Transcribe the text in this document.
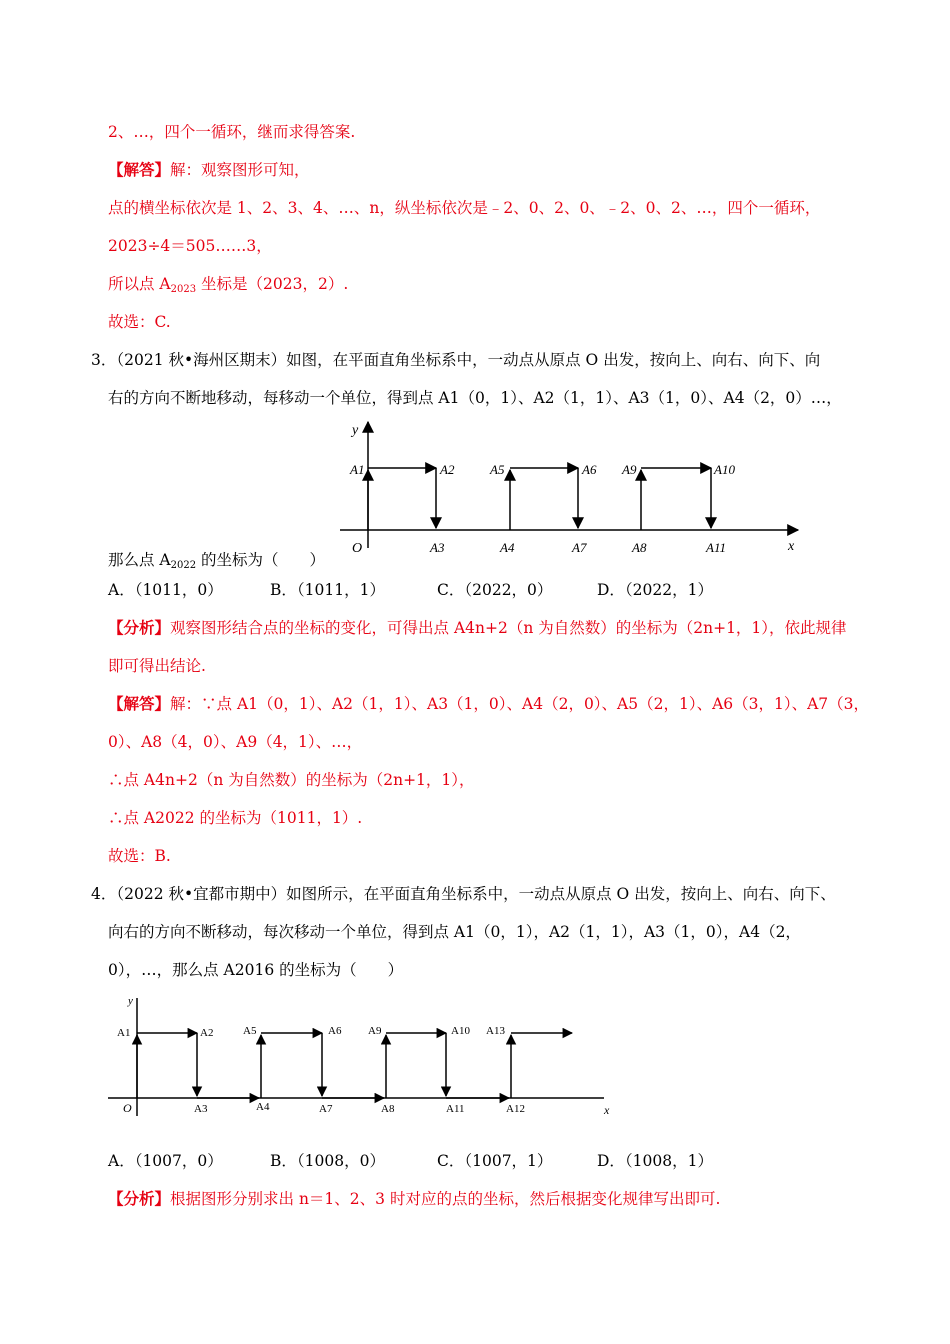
2、…，四个一循环，继而求得答案.
【解答】解：观察图形可知，
点的横坐标依次是 1、2、3、4、…、n，纵坐标依次是﹣2、0、2、0、﹣2、0、2、…，四个一循环，
2023÷4＝505……3，
所以点 $A_{2023}$ 坐标是（2023，2）.
故选：C.
3．（2021 秋•海州区期末）如图，在平面直角坐标系中，一动点从原点 O 出发，按向上、向右、向下、向
右的方向不断地移动，每移动一个单位，得到点 A1（0，1）、A2（1，1）、A3（1，0）、A4（2，0）…，
y
x
O
A1	A2
A3	A4
A5	A6
A7	A8
A9	A10
A11
那么点 $A_{2022}$ 的坐标为（　　）
A．（1011，0）	B．（1011，1）	C．（2022，0）	D．（2022，1）
【分析】观察图形结合点的坐标的变化，可得出点 A4n+2（n 为自然数）的坐标为（2n+1，1），依此规律
即可得出结论.
【解答】解：∵点 A1（0，1）、A2（1，1）、A3（1，0）、A4（2，0）、A5（2，1）、A6（3，1）、A7（3，
0）、A8（4，0）、A9（4，1）、…，
∴点 A4n+2（n 为自然数）的坐标为（2n+1，1），
∴点 A2022 的坐标为（1011，1）.
故选：B.
4．（2022 秋•宜都市期中）如图所示，在平面直角坐标系中，一动点从原点 O 出发，按向上、向右、向下、
向右的方向不断移动，每次移动一个单位，得到点 A1（0，1），A2（1，1），A3（1，0），A4（2，
0），…，那么点 A2016 的坐标为（　　）
y
x
O
A1	A2
A3	A4
A5	A6
A7	A8
A9	A10
A11	A12
A13
A．（1007，0）	B．（1008，0）	C．（1007，1）	D．（1008，1）
【分析】根据图形分别求出 n＝1、2、3 时对应的点的坐标，然后根据变化规律写出即可.
